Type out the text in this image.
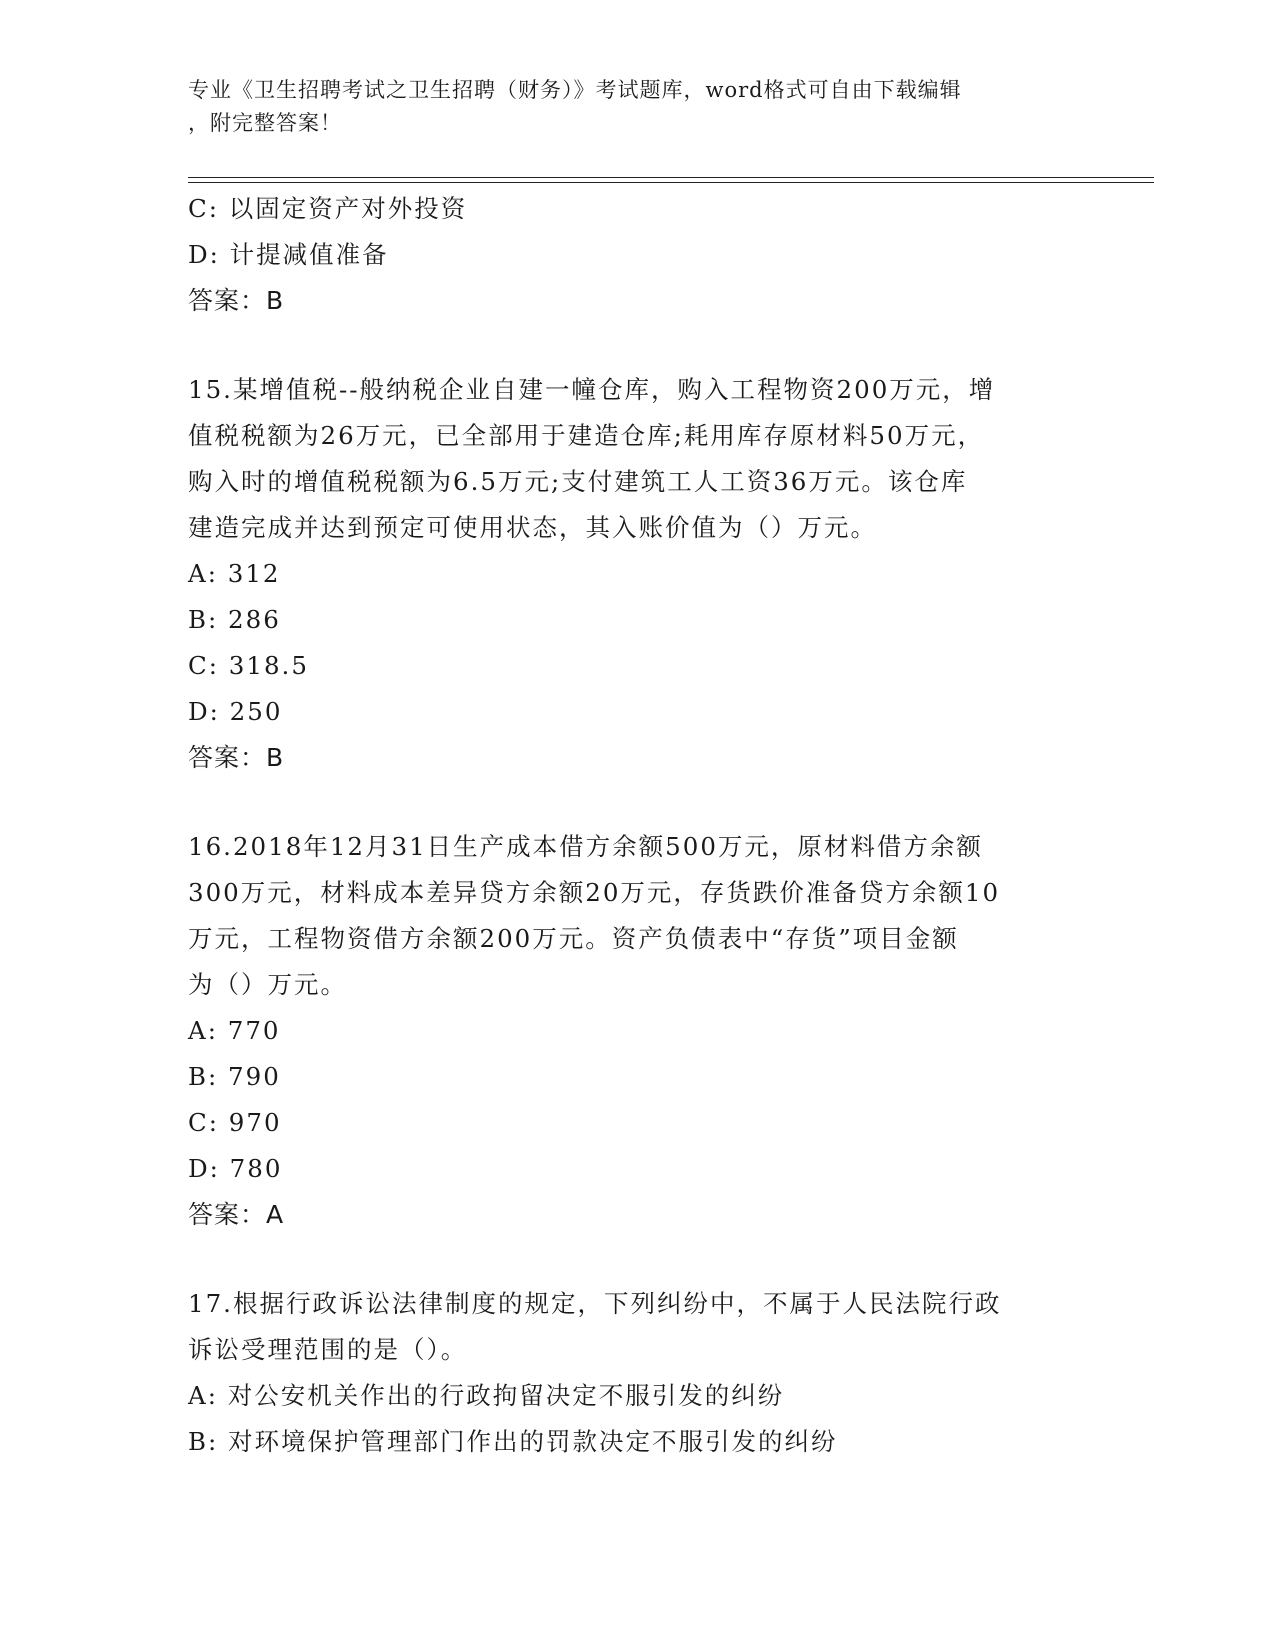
专业《卫生招聘考试之卫生招聘（财务）》考试题库，word格式可自由下载编辑
，附完整答案！
C: 以固定资产对外投资
D: 计提减值准备
答案：B
15.某增值税--般纳税企业自建一幢仓库，购入工程物资200万元，增
值税税额为26万元，已全部用于建造仓库;耗用库存原材料50万元，
购入时的增值税税额为6.5万元;支付建筑工人工资36万元。该仓库
建造完成并达到预定可使用状态，其入账价值为（）万元。
A: 312
B: 286
C: 318.5
D: 250
答案：B
16.2018年12月31日生产成本借方余额500万元，原材料借方余额
300万元，材料成本差异贷方余额20万元，存货跌价准备贷方余额10
万元，工程物资借方余额200万元。资产负债表中“存货”项目金额
为（）万元。
A: 770
B: 790
C: 970
D: 780
答案：A
17.根据行政诉讼法律制度的规定，下列纠纷中，不属于人民法院行政
诉讼受理范围的是（）。
A: 对公安机关作出的行政拘留决定不服引发的纠纷
B: 对环境保护管理部门作出的罚款决定不服引发的纠纷
